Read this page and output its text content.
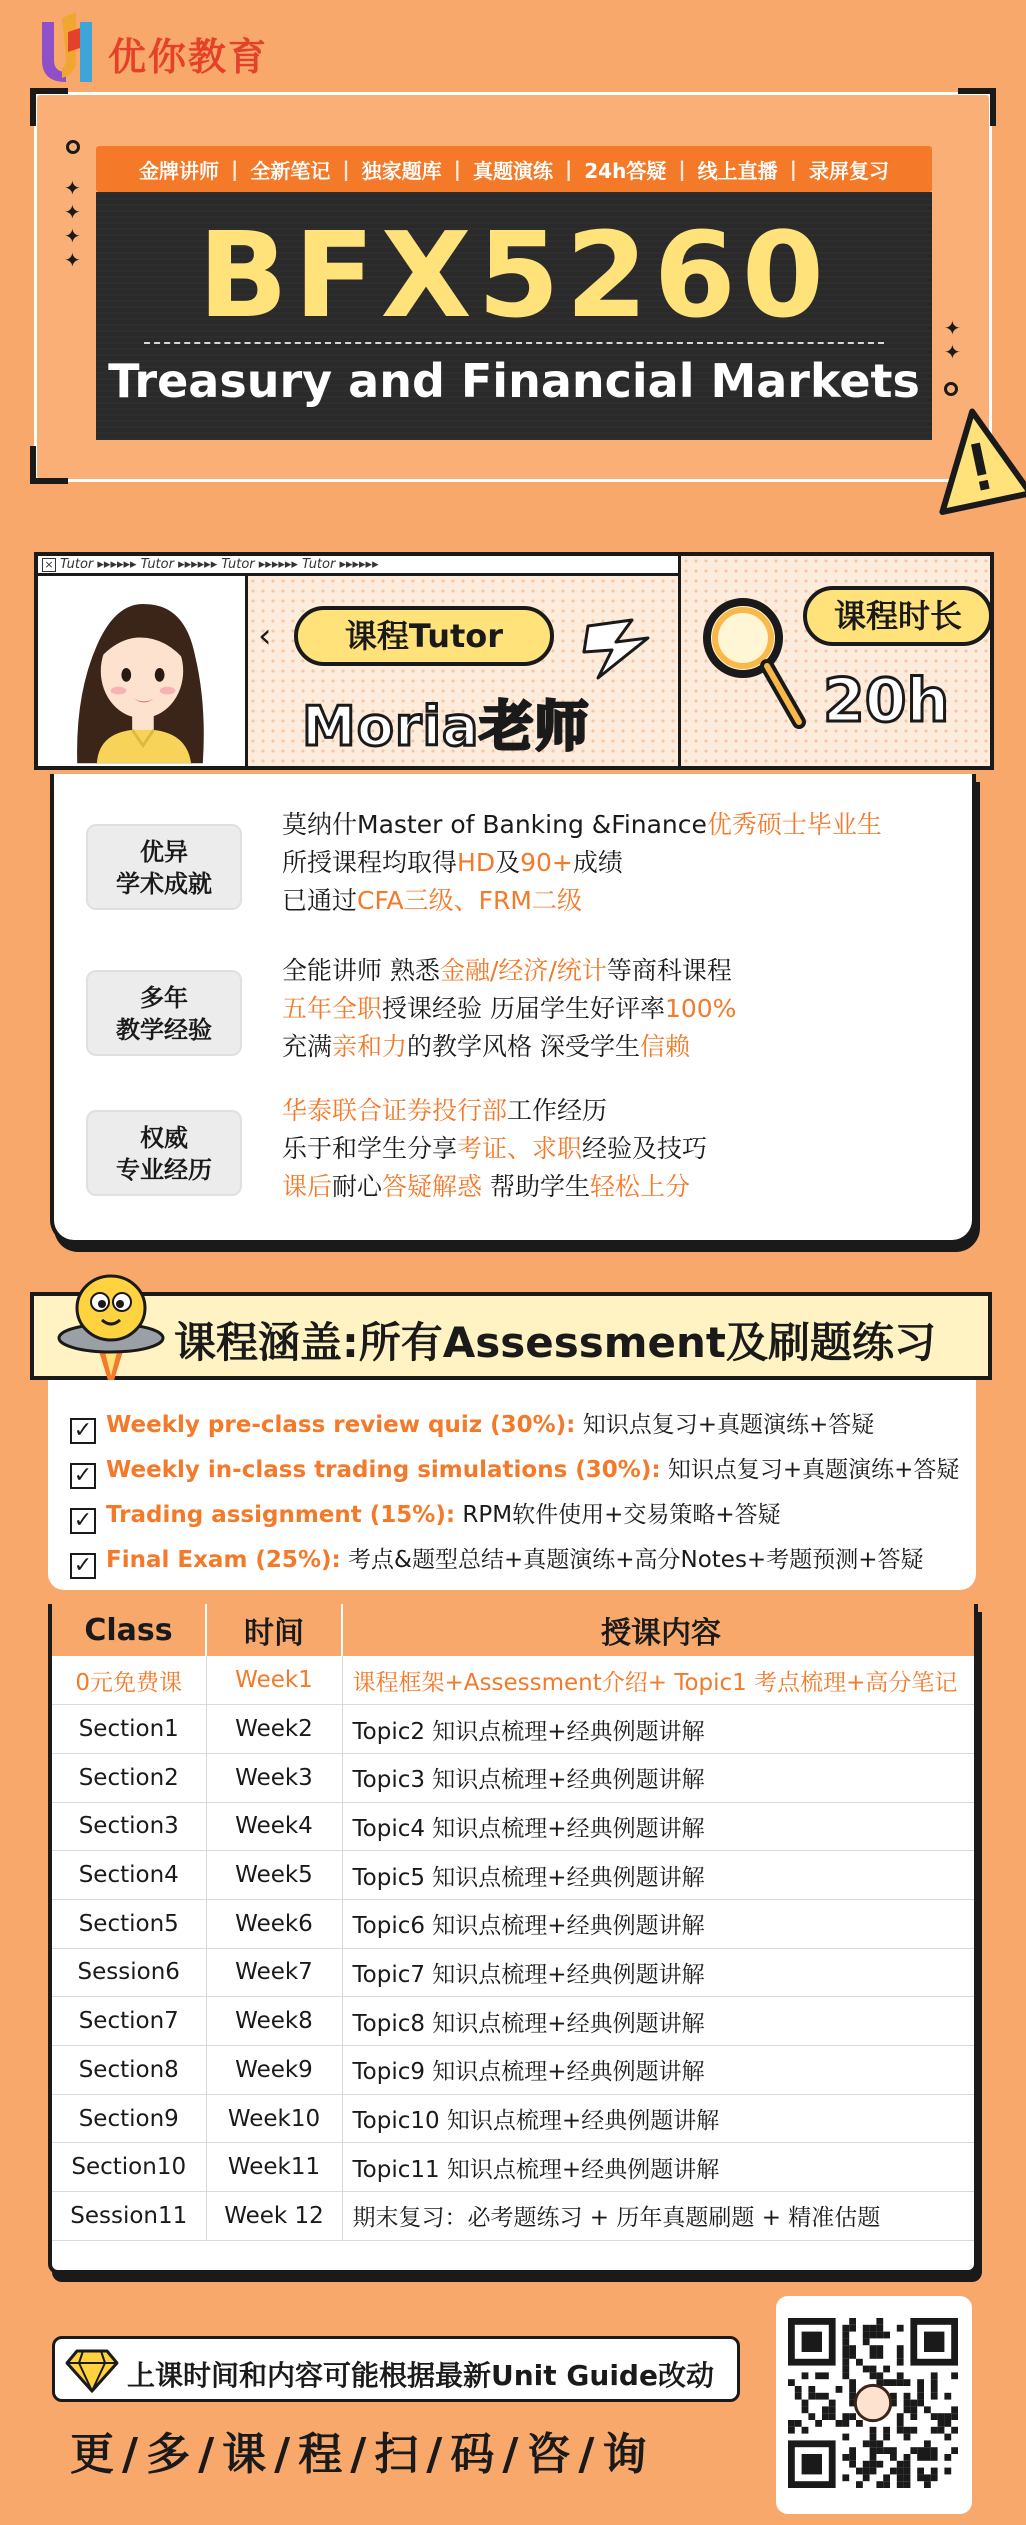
优你教育
✦
✦
✦
✦
✦
✦
金牌讲师 | 全新笔记 | 独家题库 | 真题演练 | 24h答疑 | 线上直播 | 录屏复习
BFX5260
Treasury and Financial Markets
× Tutor ▸▸▸▸▸▸ Tutor ▸▸▸▸▸▸ Tutor ▸▸▸▸▸▸ Tutor ▸▸▸▸▸▸
‹	课程Tutor
Moria老师
课程时长
20h
优异
学术成就
莫纳什Master of Banking &Finance优秀硕士毕业生
所授课程均取得HD及90+成绩
已通过CFA三级、FRM二级
多年
教学经验
全能讲师 熟悉金融/经济/统计等商科课程
五年全职授课经验 历届学生好评率100%
充满亲和力的教学风格 深受学生信赖
权威
专业经历
华泰联合证券投行部工作经历
乐于和学生分享考证、求职经验及技巧
课后耐心答疑解惑 帮助学生轻松上分
课程涵盖:所有Assessment及刷题练习
✓ Weekly pre-class review quiz (30%): 知识点复习+真题演练+答疑
✓ Weekly in-class trading simulations (30%): 知识点复习+真题演练+答疑
✓ Trading assignment (15%): RPM软件使用+交易策略+答疑
✓ Final Exam (25%): 考点&题型总结+真题演练+高分Notes+考题预测+答疑
Class	时间	授课内容
0元免费课	Week1	课程框架+Assessment介绍+ Topic1 考点梳理+高分笔记
Section1	Week2	Topic2 知识点梳理+经典例题讲解
Section2	Week3	Topic3 知识点梳理+经典例题讲解
Section3	Week4	Topic4 知识点梳理+经典例题讲解
Section4	Week5	Topic5 知识点梳理+经典例题讲解
Section5	Week6	Topic6 知识点梳理+经典例题讲解
Session6	Week7	Topic7 知识点梳理+经典例题讲解
Section7	Week8	Topic8 知识点梳理+经典例题讲解
Section8	Week9	Topic9 知识点梳理+经典例题讲解
Section9	Week10	Topic10 知识点梳理+经典例题讲解
Section10	Week11	Topic11 知识点梳理+经典例题讲解
Session11	Week 12	期末复习：必考题练习 + 历年真题刷题 + 精准估题
上课时间和内容可能根据最新Unit Guide改动
更/多/课/程/扫/码/咨/询
